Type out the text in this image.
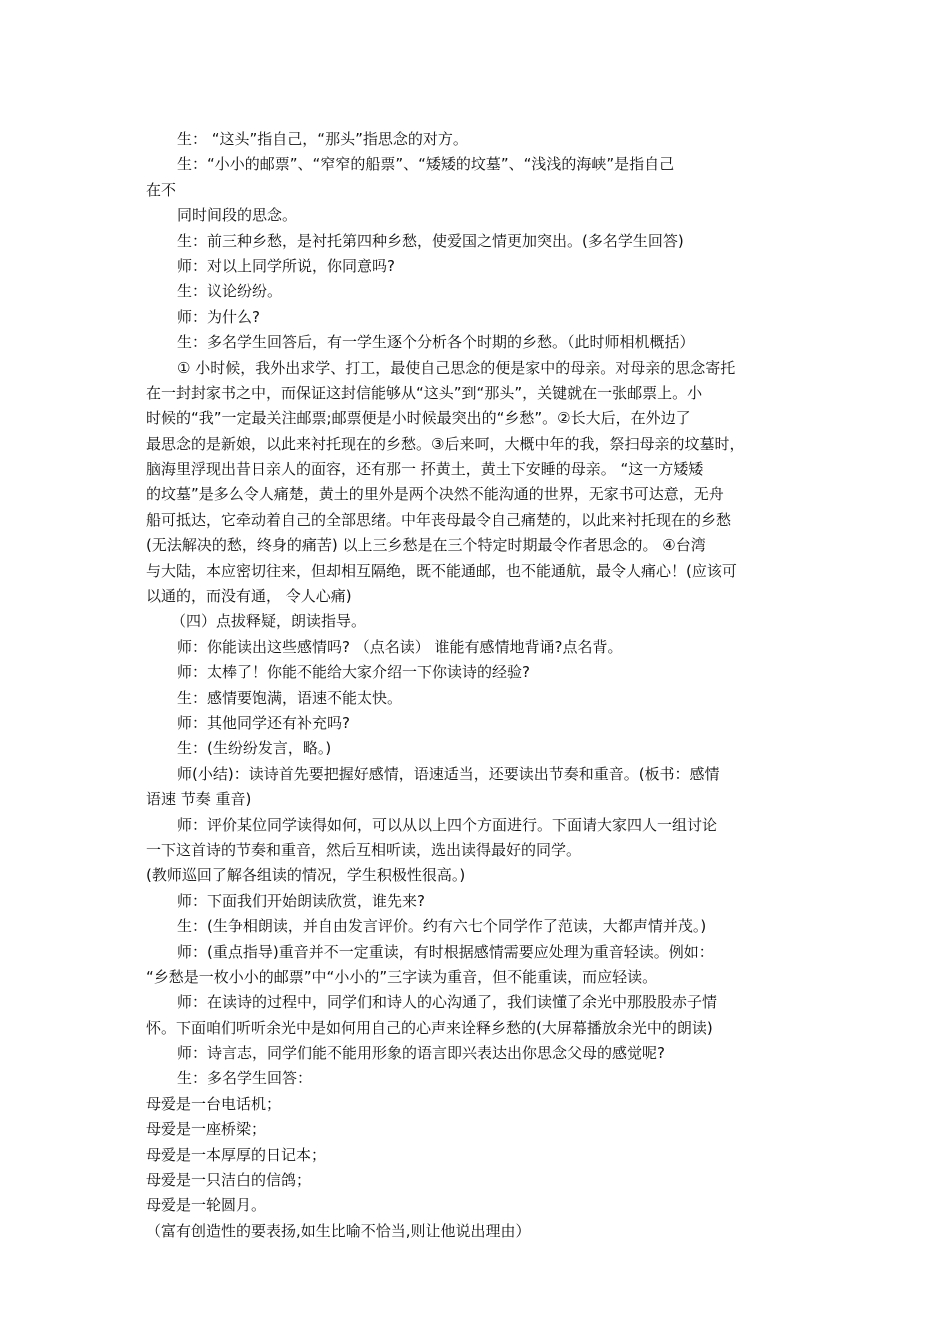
生： “这头”指自己，“那头”指思念的对方。
生：“小小的邮票”、“窄窄的船票”、“矮矮的坟墓”、“浅浅的海峡”是指自己
在不
同时间段的思念。
生：前三种乡愁，是衬托第四种乡愁，使爱国之情更加突出。(多名学生回答)
师：对以上同学所说，你同意吗?
生：议论纷纷。
师：为什么?
生：多名学生回答后，有一学生逐个分析各个时期的乡愁。（此时师相机概括）
① 小时候，我外出求学、打工，最使自己思念的便是家中的母亲。对母亲的思念寄托
在一封封家书之中，而保证这封信能够从“这头”到“那头”，关键就在一张邮票上。小
时候的“我”一定最关注邮票;邮票便是小时候最突出的“乡愁”。②长大后，在外边了
最思念的是新娘，以此来衬托现在的乡愁。③后来呵，大概中年的我，祭扫母亲的坟墓时，
脑海里浮现出昔日亲人的面容，还有那一 抔黄土，黄土下安睡的母亲。 “这一方矮矮
的坟墓”是多么令人痛楚，黄土的里外是两个决然不能沟通的世界，无家书可达意，无舟
船可抵达，它牵动着自己的全部思绪。中年丧母最令自己痛楚的，以此来衬托现在的乡愁
(无法解决的愁，终身的痛苦) 以上三乡愁是在三个特定时期最令作者思念的。 ④台湾
与大陆，本应密切往来，但却相互隔绝，既不能通邮，也不能通航，最令人痛心！(应该可
以通的，而没有通， 令人心痛)
（四）点拔释疑，朗读指导。
师：你能读出这些感情吗? （点名读） 谁能有感情地背诵?点名背。
师：太棒了！你能不能给大家介绍一下你读诗的经验?
生：感情要饱满，语速不能太快。
师：其他同学还有补充吗?
生：(生纷纷发言，略。)
师(小结)：读诗首先要把握好感情，语速适当，还要读出节奏和重音。(板书：感情
语速 节奏 重音)
师：评价某位同学读得如何，可以从以上四个方面进行。下面请大家四人一组讨论
一下这首诗的节奏和重音，然后互相听读，选出读得最好的同学。
(教师巡回了解各组读的情况，学生积极性很高。)
师：下面我们开始朗读欣赏，谁先来?
生：(生争相朗读，并自由发言评价。约有六七个同学作了范读，大都声情并茂。)
师：(重点指导)重音并不一定重读，有时根据感情需要应处理为重音轻读。例如：
“乡愁是一枚小小的邮票”中“小小的”三字读为重音，但不能重读，而应轻读。
师：在读诗的过程中，同学们和诗人的心沟通了，我们读懂了余光中那股股赤子情
怀。下面咱们听听余光中是如何用自己的心声来诠释乡愁的(大屏幕播放余光中的朗读)
师：诗言志，同学们能不能用形象的语言即兴表达出你思念父母的感觉呢?
生：多名学生回答：
母爱是一台电话机；
母爱是一座桥梁；
母爱是一本厚厚的日记本；
母爱是一只洁白的信鸽；
母爱是一轮圆月。
（富有创造性的要表扬,如生比喻不恰当,则让他说出理由）
